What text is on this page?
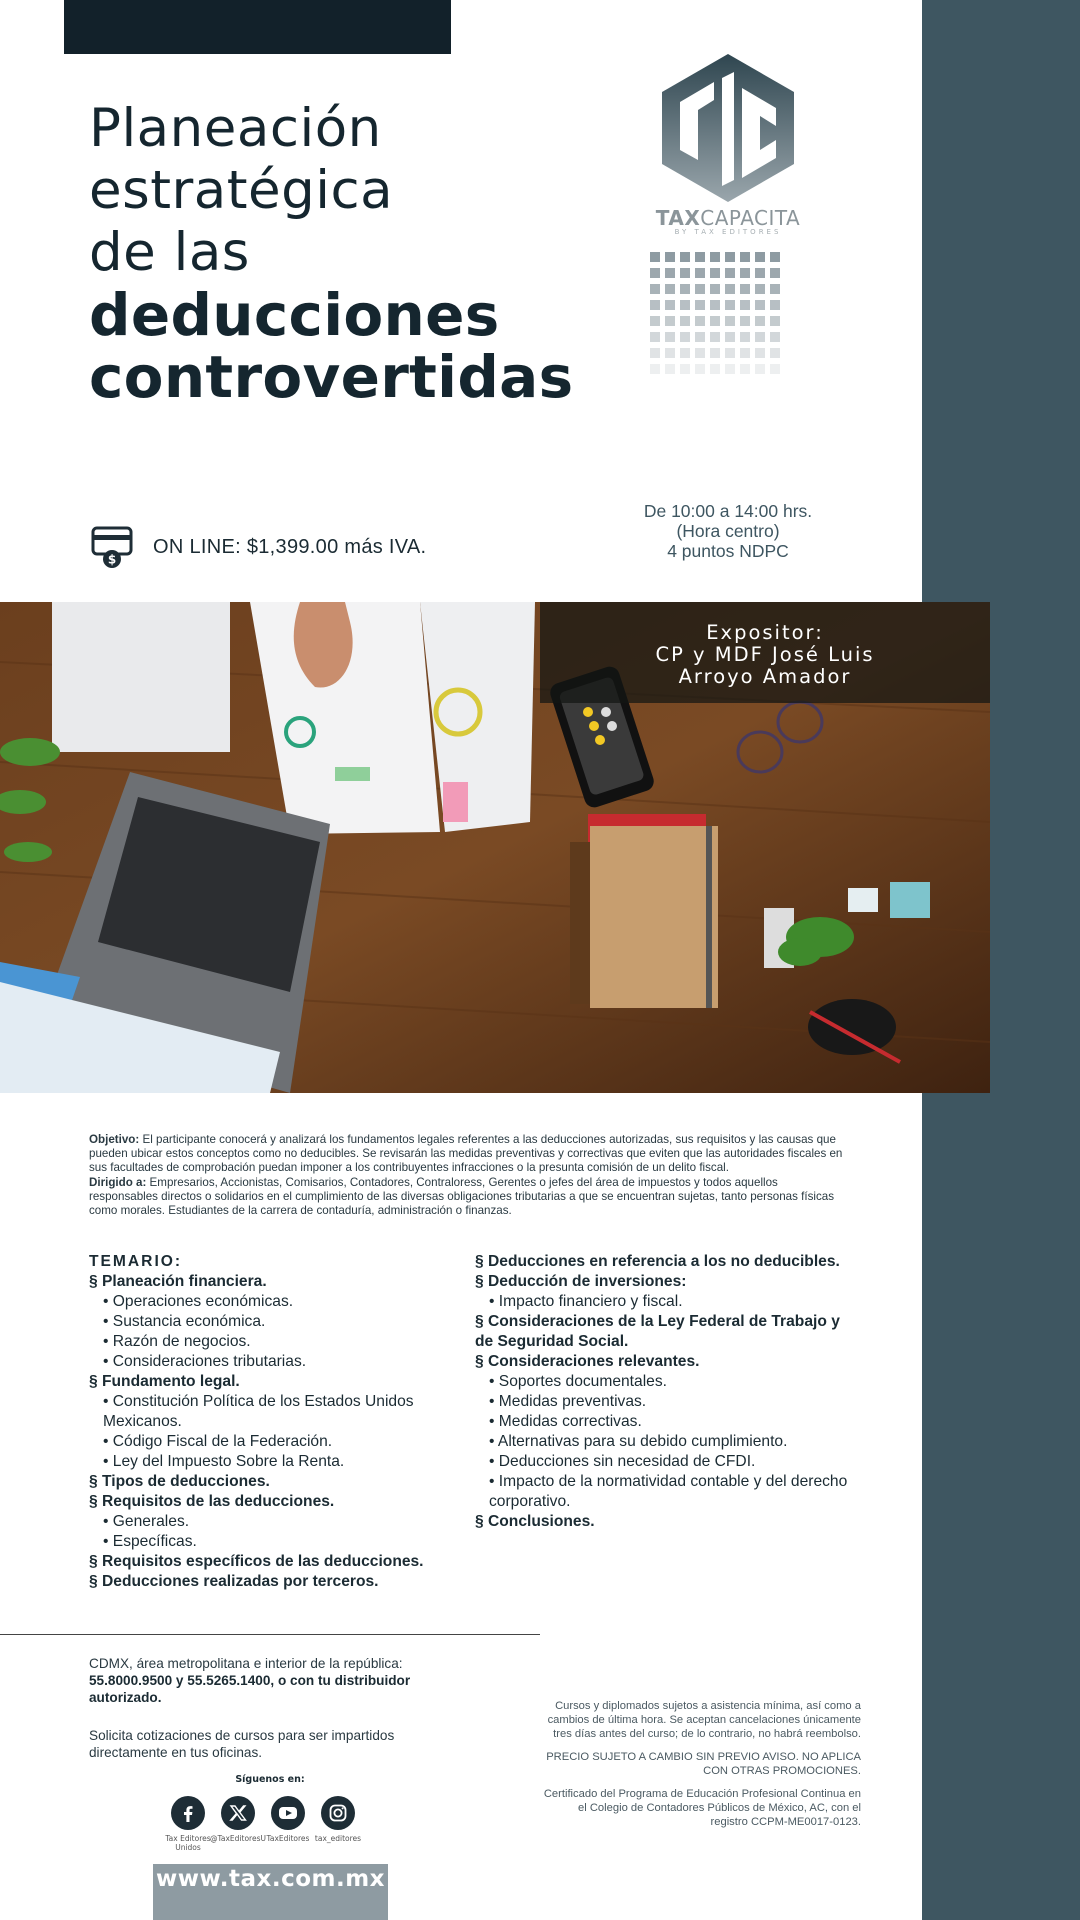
Planeación
estratégica
de las
deducciones
controvertidas
TAXCAPACITA
BY TAX EDITORES
$
ON LINE: $1,399.00 más IVA.
De 10:00 a 14:00 hrs.
(Hora centro)
4 puntos NDPC
Expositor:
CP y MDF José Luis
Arroyo Amador
Objetivo: El participante conocerá y analizará los fundamentos legales referentes a las deducciones autorizadas, sus requisitos y las causas que pueden ubicar estos conceptos como no deducibles. Se revisarán las medidas preventivas y correctivas que eviten que las autoridades fiscales en sus facultades de comprobación puedan imponer a los contribuyentes infracciones o la presunta comisión de un delito fiscal.
Dirigido a: Empresarios, Accionistas, Comisarios, Contadores, Contraloress, Gerentes o jefes del área de impuestos y todos aquellos responsables directos o solidarios en el cumplimiento de las diversas obligaciones tributarias a que se encuentran sujetas, tanto personas físicas como morales. Estudiantes de la carrera de contaduría, administración o finanzas.
TEMARIO:
§ Planeación financiera.
• Operaciones económicas.
• Sustancia económica.
• Razón de negocios.
• Consideraciones tributarias.
§ Fundamento legal.
• Constitución Política de los Estados Unidos Mexicanos.
• Código Fiscal de la Federación.
• Ley del Impuesto Sobre la Renta.
§ Tipos de deducciones.
§ Requisitos de las deducciones.
• Generales.
• Específicas.
§ Requisitos específicos de las deducciones.
§ Deducciones realizadas por terceros.
§ Deducciones en referencia a los no deducibles.
§ Deducción de inversiones:
• Impacto financiero y fiscal.
§ Consideraciones de la Ley Federal de Trabajo y de Seguridad Social.
§ Consideraciones relevantes.
• Soportes documentales.
• Medidas preventivas.
• Medidas correctivas.
• Alternativas para su debido cumplimiento.
• Deducciones sin necesidad de CFDI.
• Impacto de la normatividad contable y del derecho corporativo.
§ Conclusiones.
CDMX, área metropolitana e interior de la república:
55.8000.9500 y 55.5265.1400, o con tu distribuidor autorizado.
Solicita cotizaciones de cursos para ser impartidos directamente en tus oficinas.
Síguenos en:
Tax Editores Unidos
@TaxEditoresU TaxEditores tax_editores
www.tax.com.mx

Cursos y diplomados sujetos a asistencia mínima, así como a cambios de última hora. Se aceptan cancelaciones únicamente tres días antes del curso; de lo contrario, no habrá reembolso.

PRECIO SUJETO A CAMBIO SIN PREVIO AVISO. NO APLICA CON OTRAS PROMOCIONES.

Certificado del Programa de Educación Profesional Continua en el Colegio de Contadores Públicos de México, AC, con el registro CCPM-ME0017-0123.
